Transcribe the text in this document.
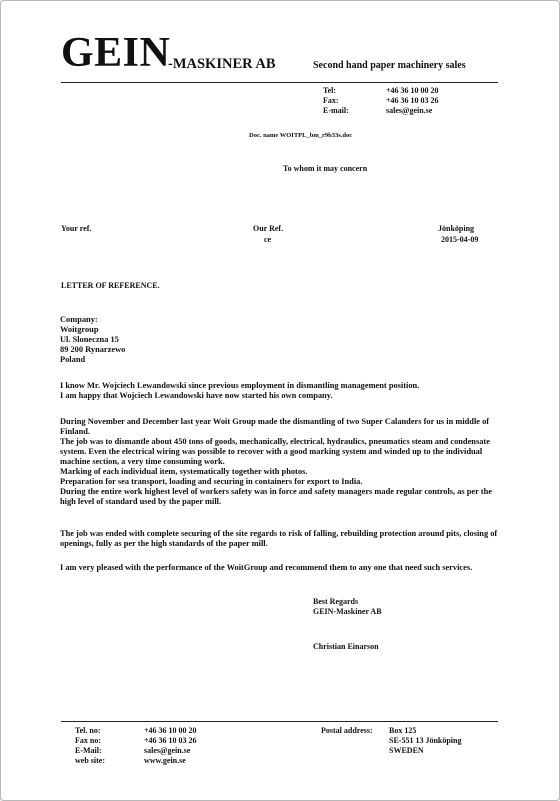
GEIN
-MASKINER AB	Second hand paper machinery sales
Tel:	+46 36 10 00 20
Fax:	+46 36 10 03 26
E-mail:	sales@gein.se
Doc. name WOITPL_bm_r9b33s.doc
To whom it may concern
Your ref.	Our Ref.
ce
Jönköping
2015-04-09
LETTER OF REFERENCE.

Company:

Woitgroup

Ul. Sloneczna 15

89 200 Rynarzewo

Poland

I know Mr. Wojciech Lewandowski since previous employment in dismantling management position.

I am happy that Wojciech Lewandowski have now started his own company.

During November and December last year Woit Group made the dismantling of two Super Calanders for us in middle of Finland.

The job was to dismantle about 450 tons of goods, mechanically, electrical, hydraulics, pneumatics steam and condensate system. Even the electrical wiring was possible to recover with a good marking system and winded up to the individual machine section, a very time consuming work.

Marking of each individual item, systematically together with photos.

Preparation for sea transport, loading and securing in containers for export to India.

During the entire work highest level of workers safety was in force and safety managers made regular controls, as per the high level of standard used by the paper mill.

The job was ended with complete securing of the site regards to risk of falling, rebuilding protection around pits, closing of openings, fully as per the high standards of the paper mill.

I am very pleased with the performance of the WoitGroup and recommend them to any one that need such services.

Best Regards
GEIN-Maskiner AB
Christian Einarson
Tel. no:	+46 36 10 00 20
Fax no:	+46 36 10 03 26
E-Mail:	sales@gein.se
web site:	www.gein.se
Postal address: Box 125
SE-551 13 Jönköping
SWEDEN
